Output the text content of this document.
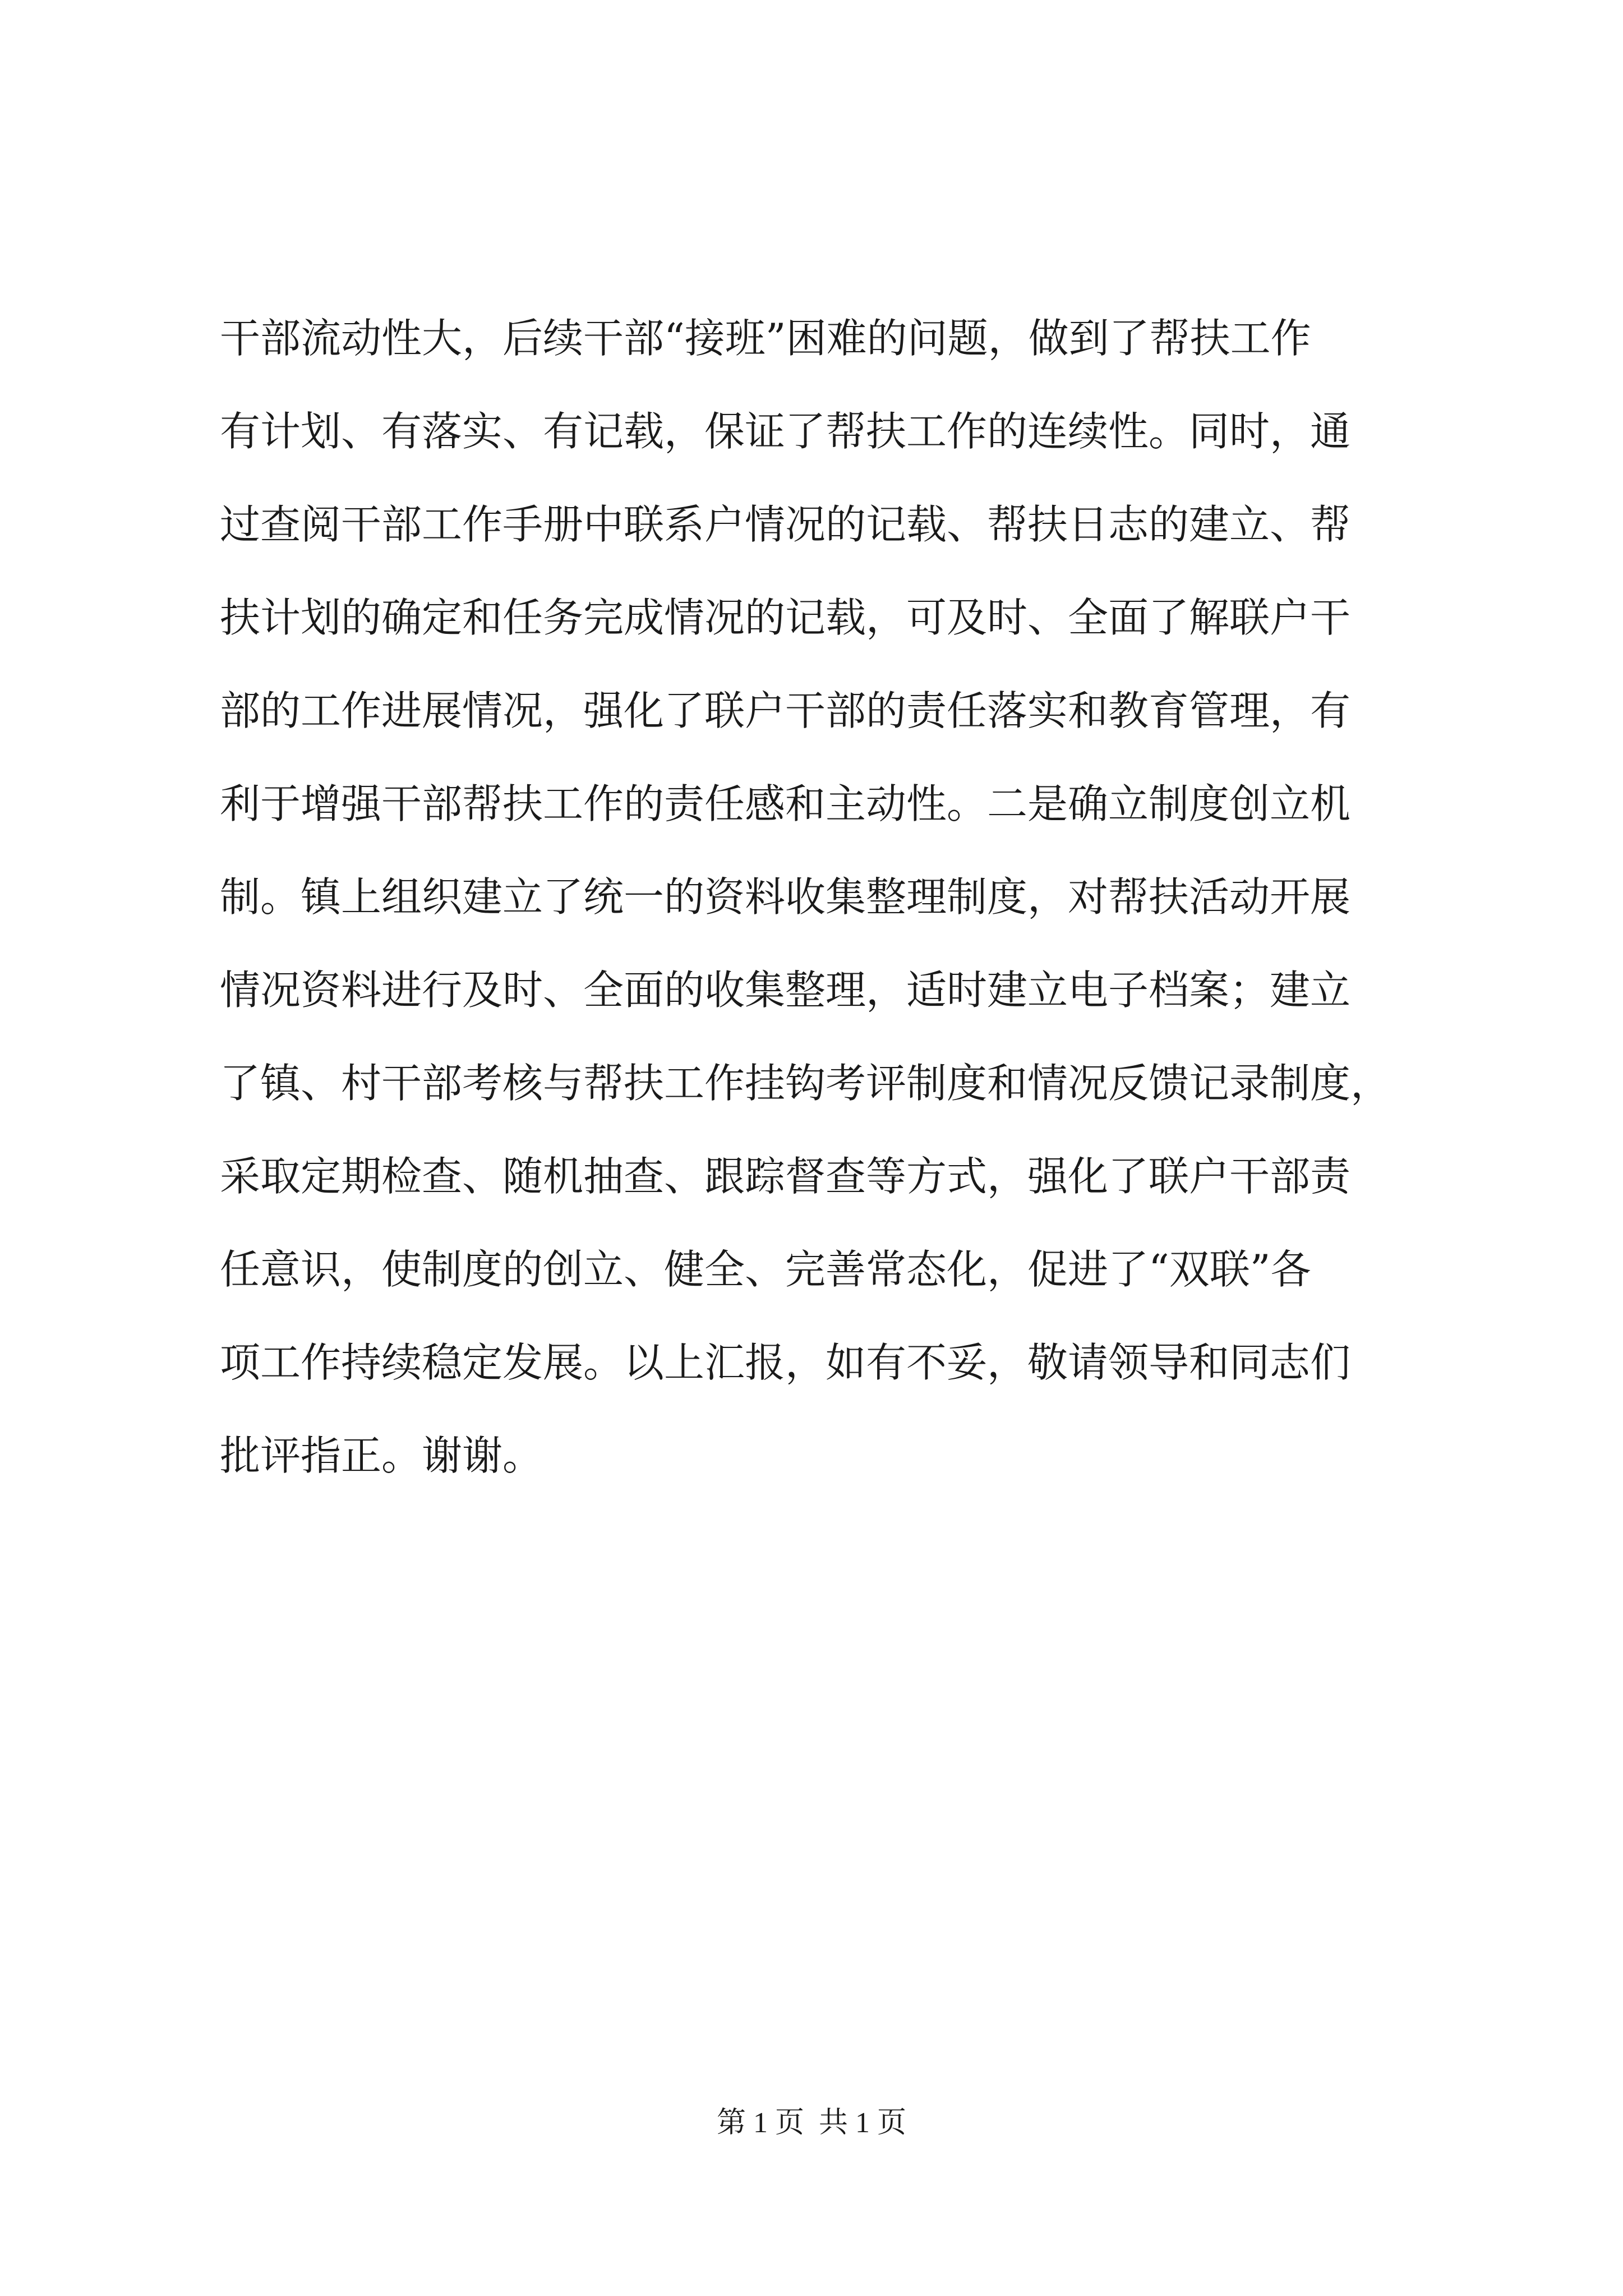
干部流动性大，后续干部“接班”困难的问题，做到了帮扶工作
有计划、有落实、有记载，保证了帮扶工作的连续性。同时，通
过查阅干部工作手册中联系户情况的记载、帮扶日志的建立、帮
扶计划的确定和任务完成情况的记载，可及时、全面了解联户干
部的工作进展情况，强化了联户干部的责任落实和教育管理，有
利于增强干部帮扶工作的责任感和主动性。二是确立制度创立机
制。镇上组织建立了统一的资料收集整理制度，对帮扶活动开展
情况资料进行及时、全面的收集整理，适时建立电子档案；建立
了镇、村干部考核与帮扶工作挂钩考评制度和情况反馈记录制度，
采取定期检查、随机抽查、跟踪督查等方式，强化了联户干部责
任意识，使制度的创立、健全、完善常态化，促进了“双联”各
项工作持续稳定发展。以上汇报，如有不妥，敬请领导和同志们
批评指正。谢谢。
第 1 页  共 1 页
